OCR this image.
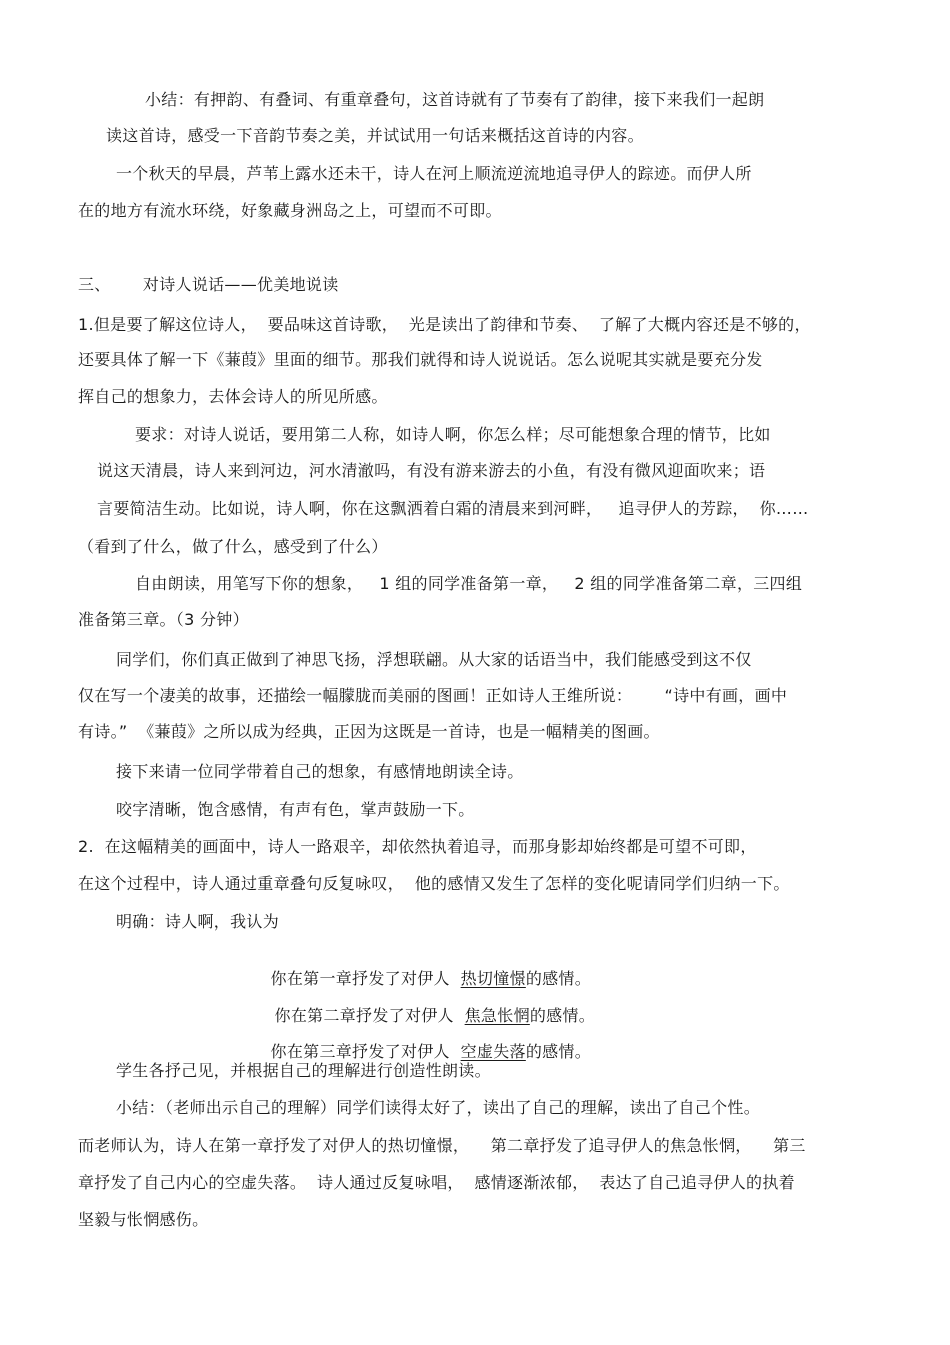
小结：有押韵、有叠词、有重章叠句，这首诗就有了节奏有了韵律，接下来我们一起朗
读这首诗，感受一下音韵节奏之美，并试试用一句话来概括这首诗的内容。
一个秋天的早晨，芦苇上露水还未干，诗人在河上顺流逆流地追寻伊人的踪迹。而伊人所
在的地方有流水环绕，好象藏身洲岛之上，可望而不可即。
三、      对诗人说话——优美地说读
1.但是要了解这位诗人，  要品味这首诗歌，  光是读出了韵律和节奏、  了解了大概内容还是不够的，
还要具体了解一下《蒹葭》里面的细节。那我们就得和诗人说说话。怎么说呢其实就是要充分发
挥自己的想象力，去体会诗人的所见所感。
要求：对诗人说话，要用第二人称，如诗人啊，你怎么样；尽可能想象合理的情节，比如
说这天清晨，诗人来到河边，河水清澈吗，有没有游来游去的小鱼，有没有微风迎面吹来；语
言要简洁生动。比如说，诗人啊，你在这飘洒着白霜的清晨来到河畔，   追寻伊人的芳踪，  你……
（看到了什么，做了什么，感受到了什么）
自由朗读，用笔写下你的想象，   1 组的同学准备第一章，   2 组的同学准备第二章，三四组
准备第三章。（3 分钟）
同学们，你们真正做到了神思飞扬，浮想联翩。从大家的话语当中，我们能感受到这不仅
仅在写一个凄美的故事，还描绘一幅朦胧而美丽的图画！正如诗人王维所说：      “诗中有画，画中
有诗。”  《蒹葭》之所以成为经典，正因为这既是一首诗，也是一幅精美的图画。
接下来请一位同学带着自己的想象，有感情地朗读全诗。
咬字清晰，饱含感情，有声有色，掌声鼓励一下。
2.  在这幅精美的画面中，诗人一路艰辛，却依然执着追寻，而那身影却始终都是可望不可即，
在这个过程中，诗人通过重章叠句反复咏叹，  他的感情又发生了怎样的变化呢请同学们归纳一下。
明确：诗人啊，我认为

你在第一章抒发了对伊人  热切憧憬的感情。

你在第二章抒发了对伊人  焦急怅惘的感情。

你在第三章抒发了对伊人  空虚失落的感情。

学生各抒己见，并根据自己的理解进行创造性朗读。
小结：（老师出示自己的理解）同学们读得太好了，读出了自己的理解，读出了自己个性。
而老师认为，诗人在第一章抒发了对伊人的热切憧憬，    第二章抒发了追寻伊人的焦急怅惘，    第三
章抒发了自己内心的空虚失落。  诗人通过反复咏唱，  感情逐渐浓郁，  表达了自己追寻伊人的执着
坚毅与怅惘感伤。
